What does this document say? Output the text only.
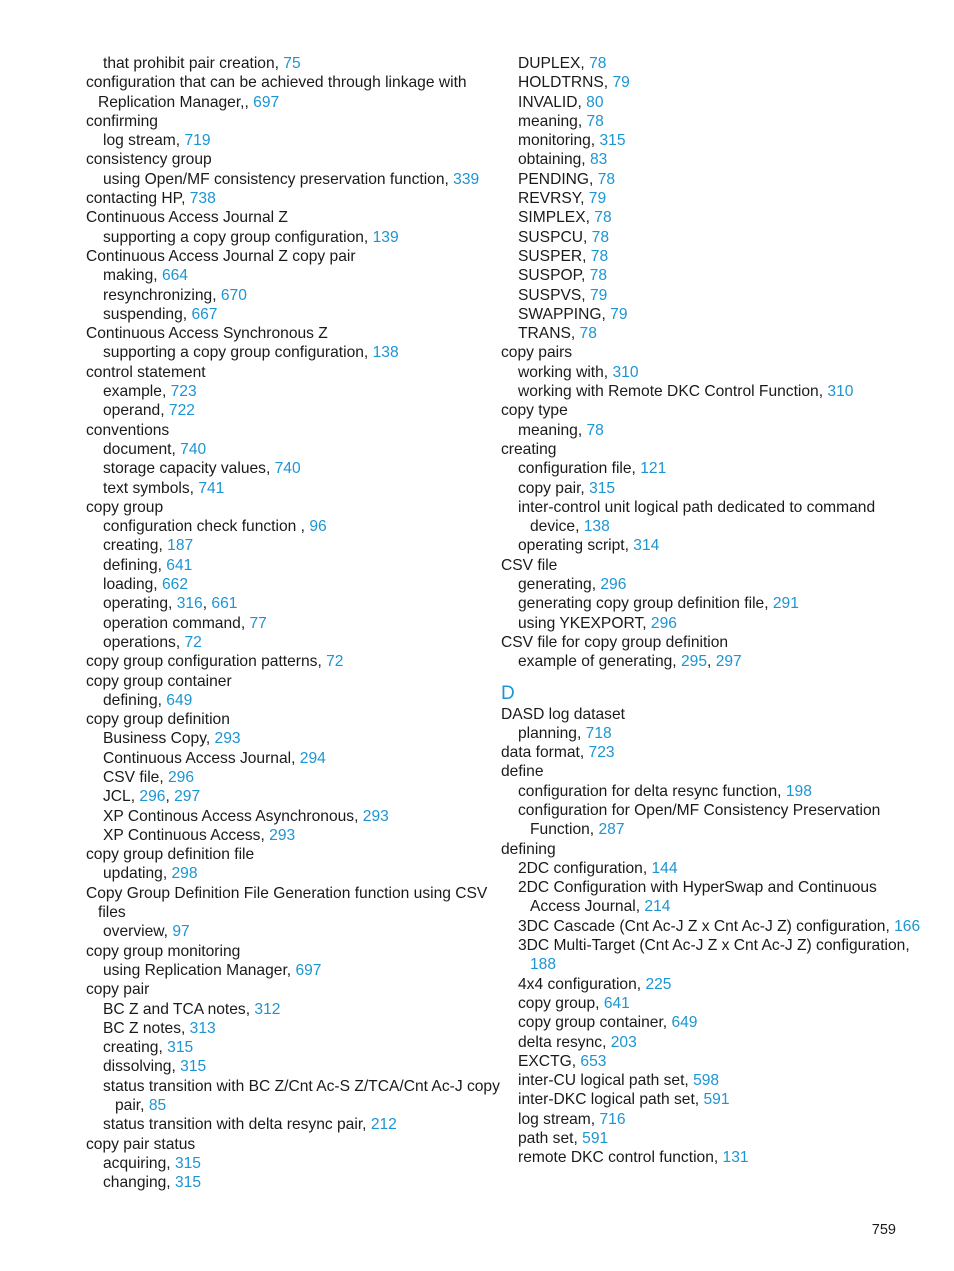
that prohibit pair creation, 75
configuration that can be achieved through linkage with Replication Manager,, 697
confirming
log stream, 719
consistency group
using Open/MF consistency preservation function, 339
contacting HP, 738
Continuous Access Journal Z
supporting a copy group configuration, 139
Continuous Access Journal Z copy pair
making, 664
resynchronizing, 670
suspending, 667
Continuous Access Synchronous Z
supporting a copy group configuration, 138
control statement
example, 723
operand, 722
conventions
document, 740
storage capacity values, 740
text symbols, 741
copy group
configuration check function , 96
creating, 187
defining, 641
loading, 662
operating, 316, 661
operation command, 77
operations, 72
copy group configuration patterns, 72
copy group container
defining, 649
copy group definition
Business Copy, 293
Continuous Access Journal, 294
CSV file, 296
JCL, 296, 297
XP Continous Access Asynchronous, 293
XP Continuous Access, 293
copy group definition file
updating, 298
Copy Group Definition File Generation function using CSV files
overview, 97
copy group monitoring
using Replication Manager, 697
copy pair
BC Z and TCA notes, 312
BC Z notes, 313
creating, 315
dissolving, 315
status transition with BC Z/Cnt Ac-S Z/TCA/Cnt Ac-J copy pair, 85
status transition with delta resync pair, 212
copy pair status
acquiring, 315
changing, 315
DUPLEX, 78
HOLDTRNS, 79
INVALID, 80
meaning, 78
monitoring, 315
obtaining, 83
PENDING, 78
REVRSY, 79
SIMPLEX, 78
SUSPCU, 78
SUSPER, 78
SUSPOP, 78
SUSPVS, 79
SWAPPING, 79
TRANS, 78
copy pairs
working with, 310
working with Remote DKC Control Function, 310
copy type
meaning, 78
creating
configuration file, 121
copy pair, 315
inter-control unit logical path dedicated to command device, 138
operating script, 314
CSV file
generating, 296
generating copy group definition file, 291
using YKEXPORT, 296
CSV file for copy group definition
example of generating, 295, 297
D
DASD log dataset
planning, 718
data format, 723
define
configuration for delta resync function, 198
configuration for Open/MF Consistency Preservation Function, 287
defining
2DC configuration, 144
2DC Configuration with HyperSwap and Continuous Access Journal, 214
3DC Cascade (Cnt Ac-J Z x Cnt Ac-J Z) configuration, 166
3DC Multi-Target (Cnt Ac-J Z x Cnt Ac-J Z) configuration, 188
4x4 configuration, 225
copy group, 641
copy group container, 649
delta resync, 203
EXCTG, 653
inter-CU logical path set, 598
inter-DKC logical path set, 591
log stream, 716
path set, 591
remote DKC control function, 131
759
